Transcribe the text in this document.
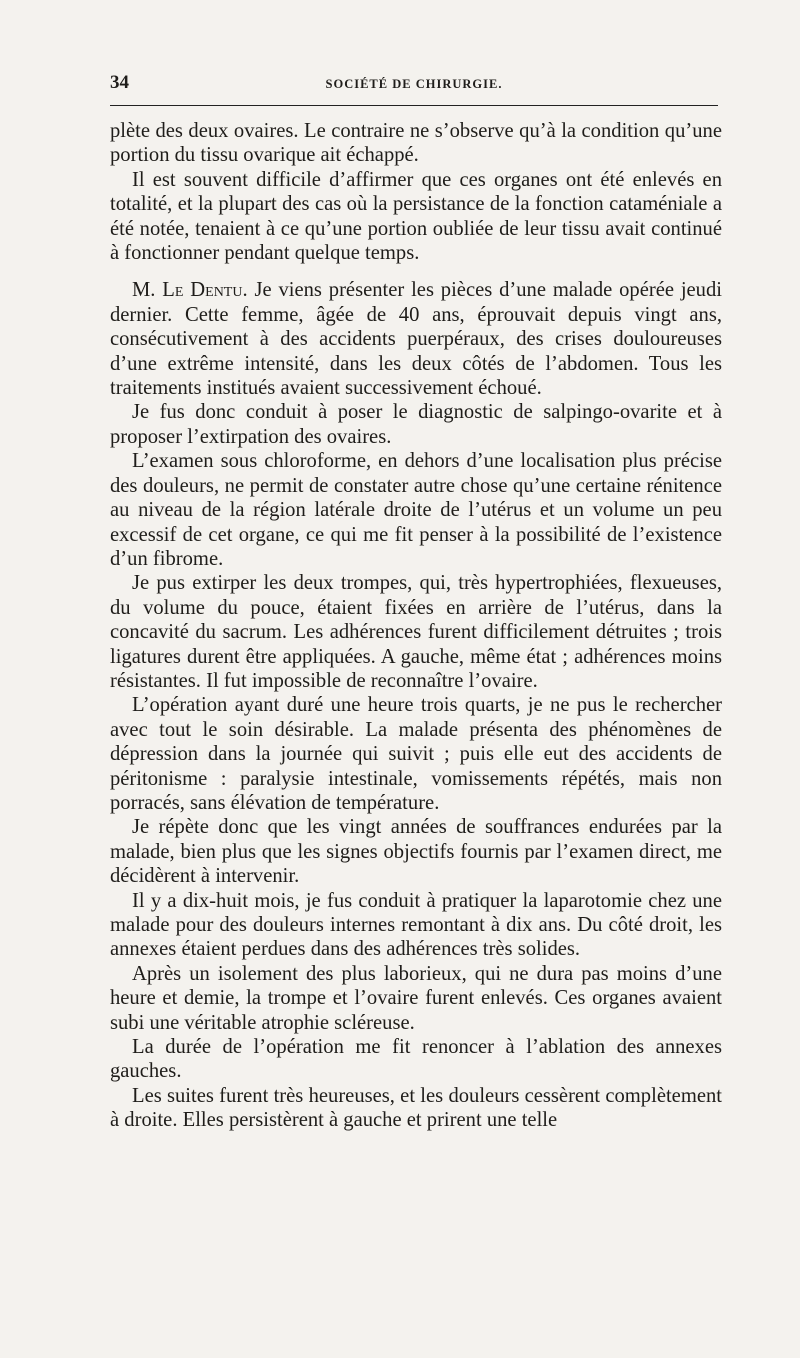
34	SOCIÉTÉ DE CHIRURGIE.

plète des deux ovaires. Le contraire ne s’observe qu’à la condition qu’une portion du tissu ovarique ait échappé.

Il est souvent difficile d’affirmer que ces organes ont été enlevés en totalité, et la plupart des cas où la persistance de la fonction cataméniale a été notée, tenaient à ce qu’une portion oubliée de leur tissu avait continué à fonctionner pendant quelque temps.

M. Le Dentu. Je viens présenter les pièces d’une malade opérée jeudi dernier. Cette femme, âgée de 40 ans, éprouvait depuis vingt ans, consécutivement à des accidents puerpéraux, des crises douloureuses d’une extrême intensité, dans les deux côtés de l’abdomen. Tous les traitements institués avaient successivement échoué.

Je fus donc conduit à poser le diagnostic de salpingo-ovarite et à proposer l’extirpation des ovaires.

L’examen sous chloroforme, en dehors d’une localisation plus précise des douleurs, ne permit de constater autre chose qu’une certaine rénitence au niveau de la région latérale droite de l’utérus et un volume un peu excessif de cet organe, ce qui me fit penser à la possibilité de l’existence d’un fibrome.

Je pus extirper les deux trompes, qui, très hypertrophiées, flexueuses, du volume du pouce, étaient fixées en arrière de l’utérus, dans la concavité du sacrum. Les adhérences furent difficilement détruites ; trois ligatures durent être appliquées. A gauche, même état ; adhérences moins résistantes. Il fut impossible de reconnaître l’ovaire.

L’opération ayant duré une heure trois quarts, je ne pus le rechercher avec tout le soin désirable. La malade présenta des phénomènes de dépression dans la journée qui suivit ; puis elle eut des accidents de péritonisme : paralysie intestinale, vomissements répétés, mais non porracés, sans élévation de température.

Je répète donc que les vingt années de souffrances endurées par la malade, bien plus que les signes objectifs fournis par l’examen direct, me décidèrent à intervenir.

Il y a dix-huit mois, je fus conduit à pratiquer la laparotomie chez une malade pour des douleurs internes remontant à dix ans. Du côté droit, les annexes étaient perdues dans des adhérences très solides.

Après un isolement des plus laborieux, qui ne dura pas moins d’une heure et demie, la trompe et l’ovaire furent enlevés. Ces organes avaient subi une véritable atrophie scléreuse.

La durée de l’opération me fit renoncer à l’ablation des annexes gauches.

Les suites furent très heureuses, et les douleurs cessèrent complètement à droite. Elles persistèrent à gauche et prirent une telle
